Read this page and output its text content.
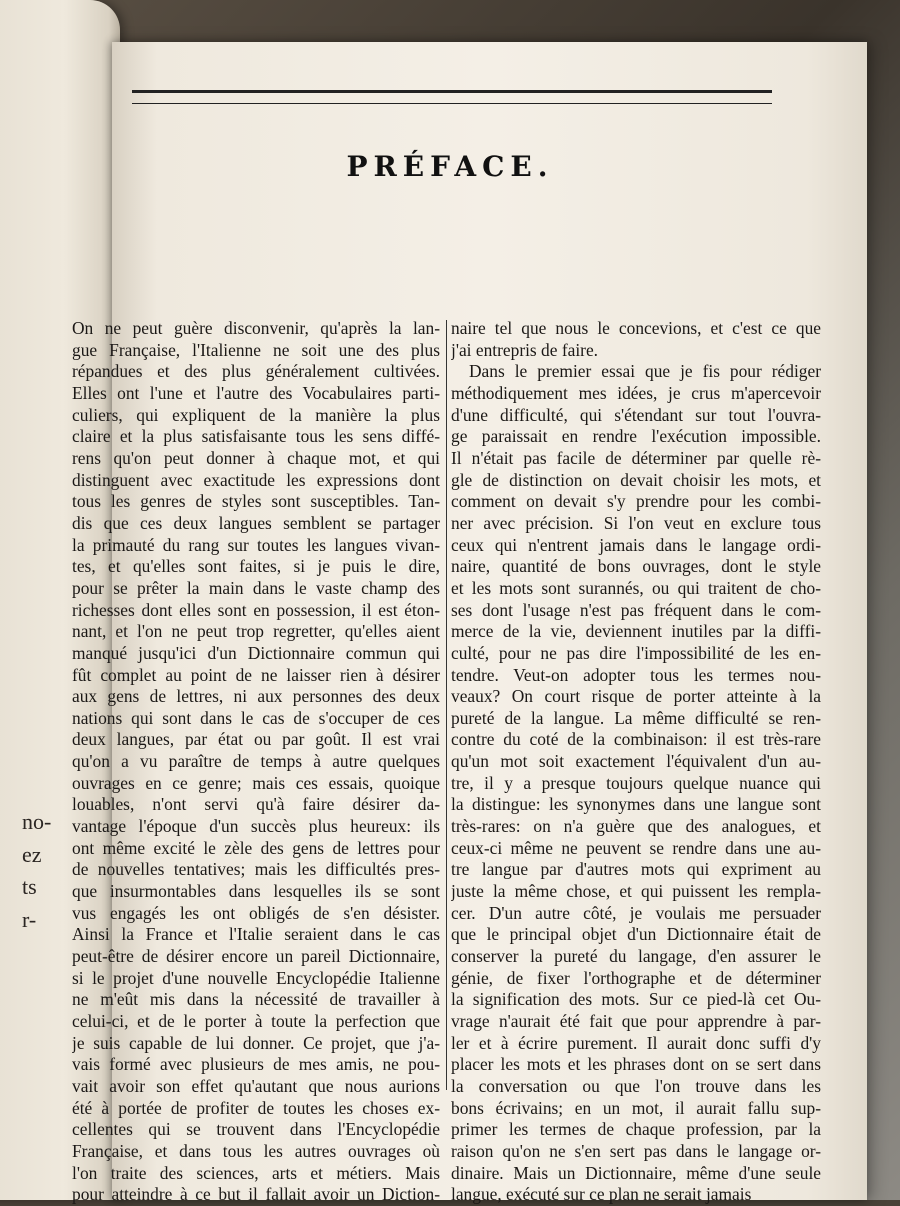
no-
ez
ts
r-
PRÉFACE.
On ne peut guère disconvenir, qu'après la lan-
gue Française, l'Italienne ne soit une des plus
répandues et des plus généralement cultivées.
Elles ont l'une et l'autre des Vocabulaires parti-
culiers, qui expliquent de la manière la plus
claire et la plus satisfaisante tous les sens diffé-
rens qu'on peut donner à chaque mot, et qui
distinguent avec exactitude les expressions dont
tous les genres de styles sont susceptibles. Tan-
dis que ces deux langues semblent se partager
la primauté du rang sur toutes les langues vivan-
tes, et qu'elles sont faites, si je puis le dire,
pour se prêter la main dans le vaste champ des
richesses dont elles sont en possession, il est éton-
nant, et l'on ne peut trop regretter, qu'elles aient
manqué jusqu'ici d'un Dictionnaire commun qui
fût complet au point de ne laisser rien à désirer
aux gens de lettres, ni aux personnes des deux
nations qui sont dans le cas de s'occuper de ces
deux langues, par état ou par goût. Il est vrai
qu'on a vu paraître de temps à autre quelques
ouvrages en ce genre; mais ces essais, quoique
louables, n'ont servi qu'à faire désirer da-
vantage l'époque d'un succès plus heureux: ils
ont même excité le zèle des gens de lettres pour
de nouvelles tentatives; mais les difficultés pres-
que insurmontables dans lesquelles ils se sont
vus engagés les ont obligés de s'en désister.
Ainsi la France et l'Italie seraient dans le cas
peut-être de désirer encore un pareil Dictionnaire,
si le projet d'une nouvelle Encyclopédie Italienne
ne m'eût mis dans la nécessité de travailler à
celui-ci, et de le porter à toute la perfection que
je suis capable de lui donner. Ce projet, que j'a-
vais formé avec plusieurs de mes amis, ne pou-
vait avoir son effet qu'autant que nous aurions
été à portée de profiter de toutes les choses ex-
cellentes qui se trouvent dans l'Encyclopédie
Française, et dans tous les autres ouvrages où
l'on traite des sciences, arts et métiers. Mais
pour atteindre à ce but il fallait avoir un Diction-
naire tel que nous le concevions, et c'est ce que
j'ai entrepris de faire.
Dans le premier essai que je fis pour rédiger
méthodiquement mes idées, je crus m'apercevoir
d'une difficulté, qui s'étendant sur tout l'ouvra-
ge paraissait en rendre l'exécution impossible.
Il n'était pas facile de déterminer par quelle rè-
gle de distinction on devait choisir les mots, et
comment on devait s'y prendre pour les combi-
ner avec précision. Si l'on veut en exclure tous
ceux qui n'entrent jamais dans le langage ordi-
naire, quantité de bons ouvrages, dont le style
et les mots sont surannés, ou qui traitent de cho-
ses dont l'usage n'est pas fréquent dans le com-
merce de la vie, deviennent inutiles par la diffi-
culté, pour ne pas dire l'impossibilité de les en-
tendre. Veut-on adopter tous les termes nou-
veaux? On court risque de porter atteinte à la
pureté de la langue. La même difficulté se ren-
contre du coté de la combinaison: il est très-rare
qu'un mot soit exactement l'équivalent d'un au-
tre, il y a presque toujours quelque nuance qui
la distingue: les synonymes dans une langue sont
très-rares: on n'a guère que des analogues, et
ceux-ci même ne peuvent se rendre dans une au-
tre langue par d'autres mots qui expriment au
juste la même chose, et qui puissent les rempla-
cer. D'un autre côté, je voulais me persuader
que le principal objet d'un Dictionnaire était de
conserver la pureté du langage, d'en assurer le
génie, de fixer l'orthographe et de déterminer
la signification des mots. Sur ce pied-là cet Ou-
vrage n'aurait été fait que pour apprendre à par-
ler et à écrire purement. Il aurait donc suffi d'y
placer les mots et les phrases dont on se sert dans
la conversation ou que l'on trouve dans les
bons écrivains; en un mot, il aurait fallu sup-
primer les termes de chaque profession, par la
raison qu'on ne s'en sert pas dans le langage or-
dinaire. Mais un Dictionnaire, même d'une seule
langue, exécuté sur ce plan ne serait jamais
